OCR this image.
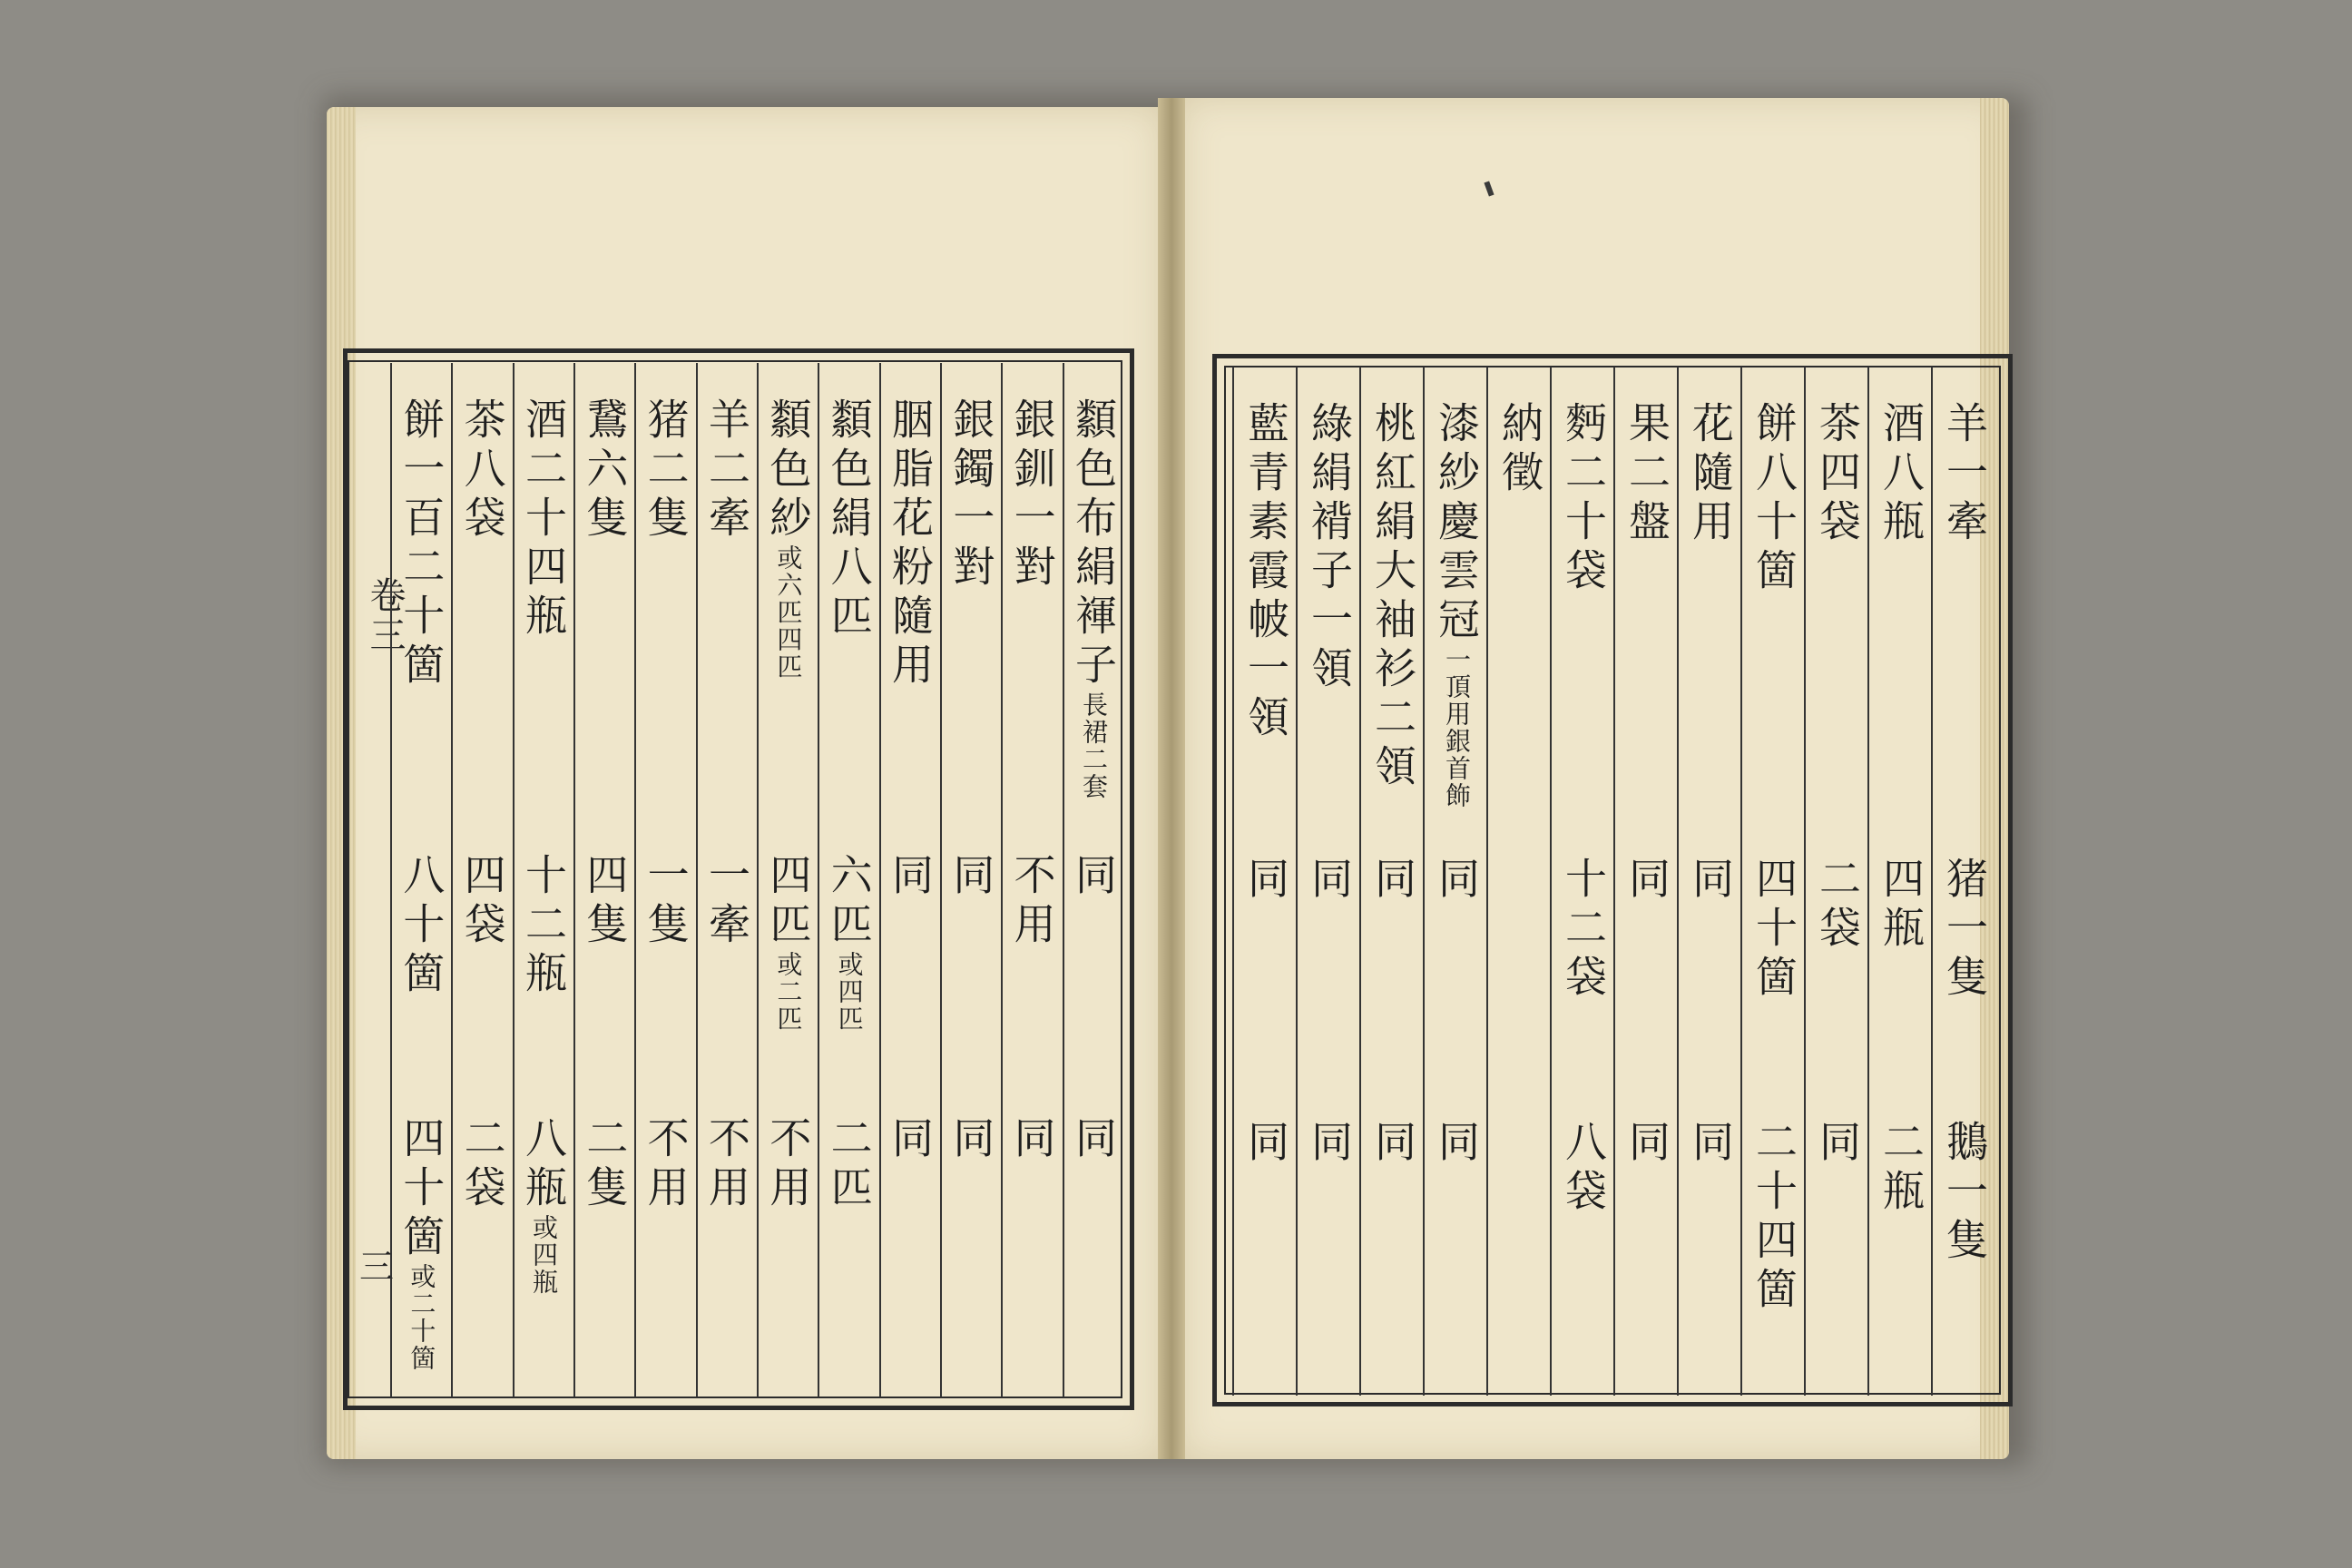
卷三
三
纇色布絹褌子長裙二套
同
同
銀釧一對
不用
同
銀鐲一對
同
同
胭脂花粉隨用
同
同
纇色絹八匹
六匹或四匹
二匹
纇色紗或六匹四匹
四匹或二匹
不用
羊二牽
一牽
不用
猪二隻
一隻
不用
鵞六隻
四隻
二隻
酒二十四瓶
十二瓶
八瓶或四瓶
茶八袋
四袋
二袋
餅一百二十箇
八十箇
四十箇或二十箇
羊一牽
猪一隻
鵝一隻
酒八瓶
四瓶
二瓶
茶四袋
二袋
同
餅八十箇
四十箇
二十四箇
花隨用
同
同
果二盤
同
同
麪二十袋
十二袋
八袋
納徵
漆紗慶雲冠一頂用銀首飾
同
同
桃紅絹大袖衫二領
同
同
綠絹褙子一領
同
同
藍青素霞帔一領
同
同
